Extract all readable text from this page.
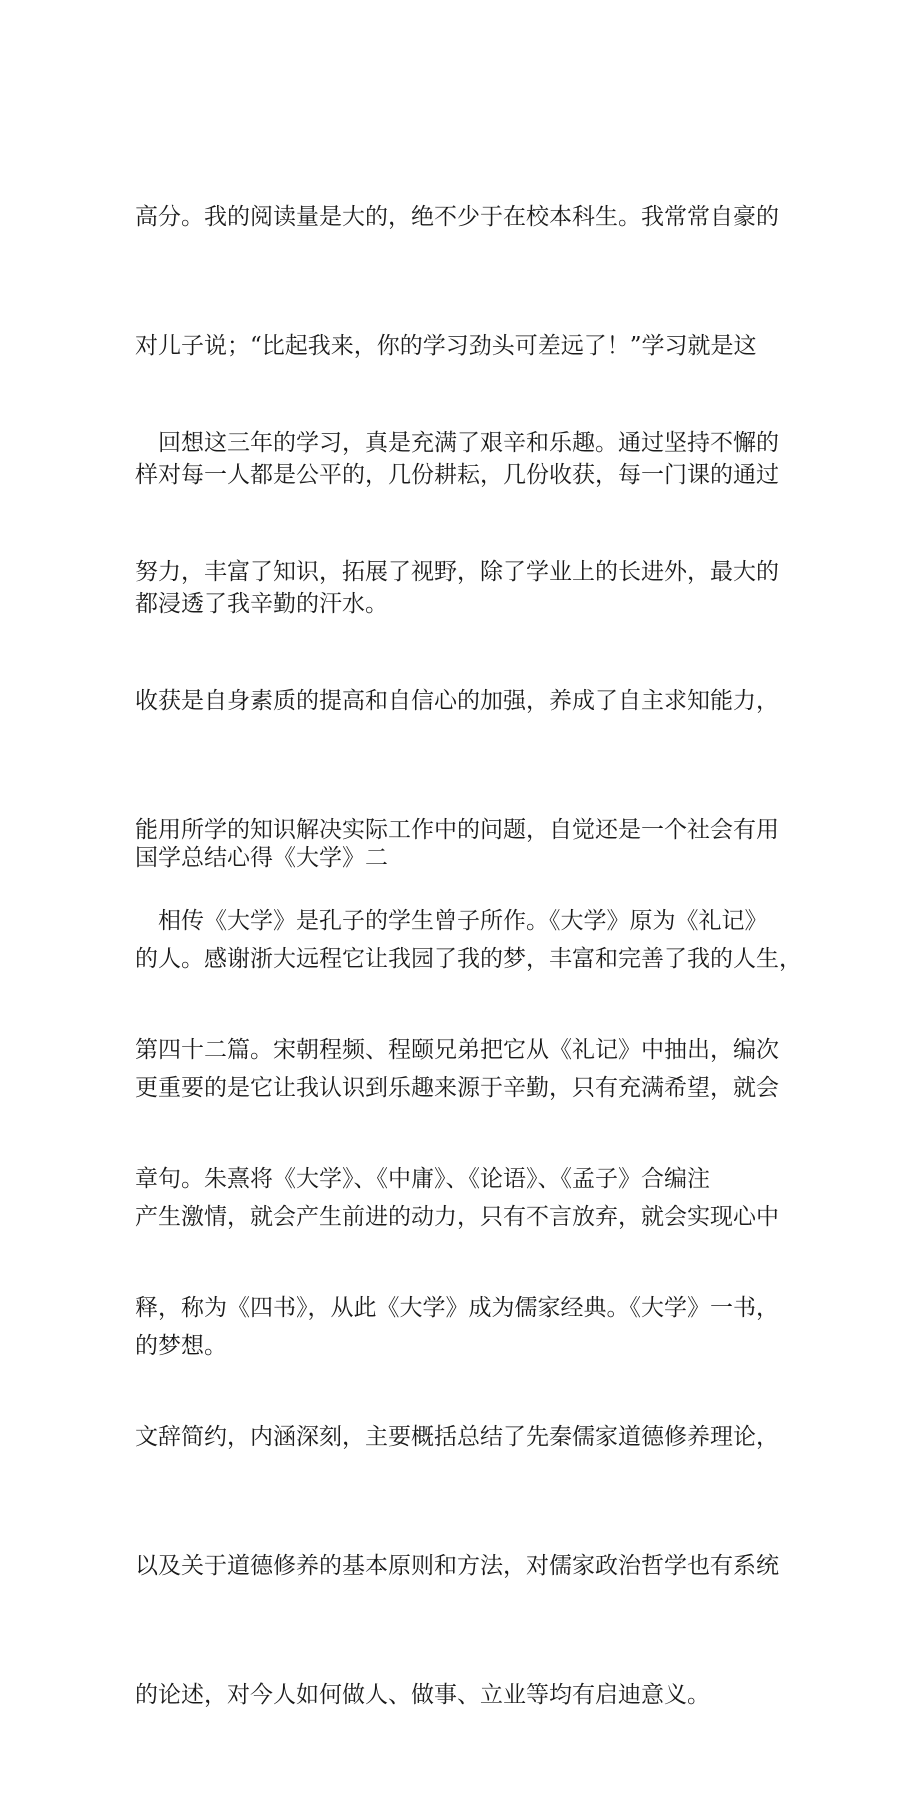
高分。我的阅读量是大的，绝不少于在校本科生。我常常自豪的

对儿子说；“比起我来，你的学习劲头可差远了！”学习就是这

样对每一人都是公平的，几份耕耘，几份收获，每一门课的通过

都浸透了我辛勤的汗水。

　回想这三年的学习，真是充满了艰辛和乐趣。通过坚持不懈的

努力，丰富了知识，拓展了视野，除了学业上的长进外，最大的

收获是自身素质的提高和自信心的加强，养成了自主求知能力，

能用所学的知识解决实际工作中的问题，自觉还是一个社会有用

的人。感谢浙大远程它让我园了我的梦，丰富和完善了我的人生，

更重要的是它让我认识到乐趣来源于辛勤，只有充满希望，就会

产生激情，就会产生前进的动力，只有不言放弃，就会实现心中

的梦想。

国学总结心得《大学》二

　相传《大学》是孔子的学生曾子所作。《大学》原为《礼记》

第四十二篇。宋朝程频、程颐兄弟把它从《礼记》中抽出，编次

章句。朱熹将《大学》、《中庸》、《论语》、《孟子》合编注

释，称为《四书》，从此《大学》成为儒家经典。《大学》一书，

文辞简约，内涵深刻，主要概括总结了先秦儒家道德修养理论，

以及关于道德修养的基本原则和方法，对儒家政治哲学也有系统

的论述，对今人如何做人、做事、立业等均有启迪意义。
